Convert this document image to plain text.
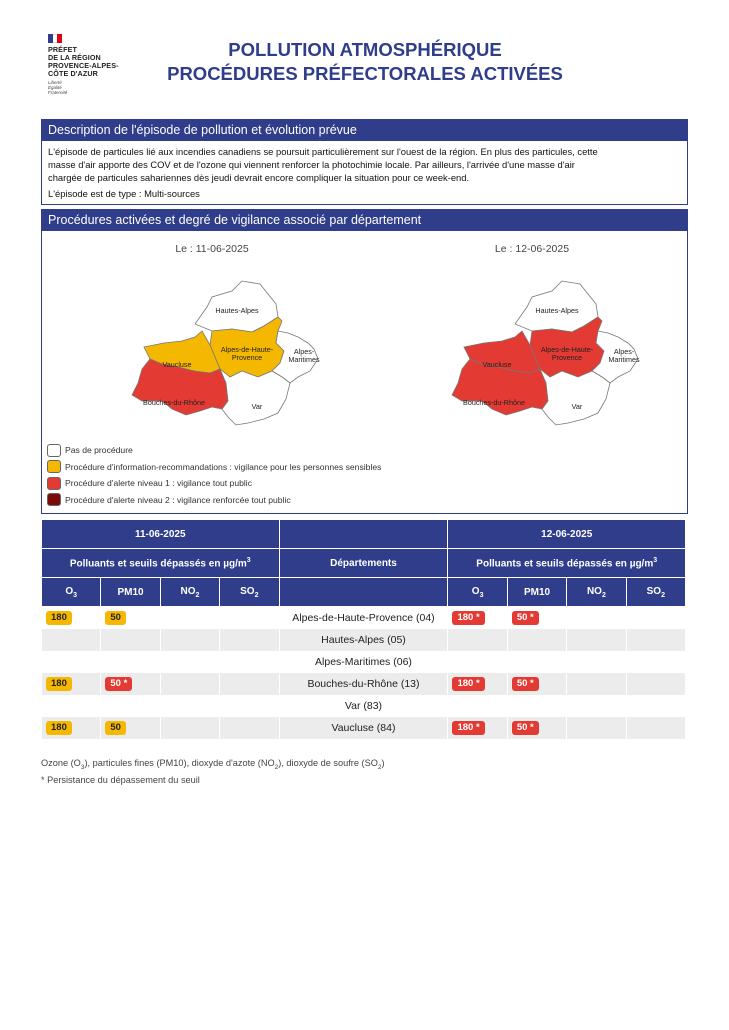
PRÉFET
DE LA RÉGION
PROVENCE-ALPES-
CÔTE D'AZUR
Liberté
Égalité
Fraternité
POLLUTION ATMOSPHÉRIQUE
PROCÉDURES PRÉFECTORALES ACTIVÉES
Description de l'épisode de pollution et évolution prévue

L'épisode de particules lié aux incendies canadiens se poursuit particulièrement sur l'ouest de la région. En plus des particules, cette

masse d'air apporte des COV et de l'ozone qui viennent renforcer la photochimie locale. Par ailleurs, l'arrivée d'une masse d'air

chargée de particules sahariennes dès jeudi devrait encore compliquer la situation pour ce week-end.

L'épisode est de type : Multi-sources

Procédures activées et degré de vigilance associé par département
Le : 11-06-2025
Hautes-Alpes
Alpes-de-Haute-
Provence
Alpes-
Maritimes
Vaucluse
Bouches-du-Rhône	Var
Le : 12-06-2025
Hautes-Alpes
Alpes-de-Haute-
Provence
Alpes-
Maritimes
Vaucluse
Bouches-du-Rhône	Var
Pas de procédure
Procédure d'information-recommandations : vigilance pour les personnes sensibles
Procédure d'alerte niveau 1 : vigilance tout public
Procédure d'alerte niveau 2 : vigilance renforcée tout public
11-06-2025					12-06-2025			
Polluants et seuils dépassés en $\mu g/m^3$				Départements	Polluants et seuils dépassés en $\mu g/m^3$
$O_3$	PM10	$NO_2$	$SO_2$		$O_3$	PM10	$NO_2$	$SO_2$
180	50			Alpes-de-Haute-Provence (04)	180 *	50 *		
				Hautes-Alpes (05)				
				Alpes-Maritimes (06)				
180	50 *			Bouches-du-Rhône (13)	180 *	50 *		
				Var (83)				
180	50			Vaucluse (84)	180 *	50 *		
Ozone $(O_3)$, particules fines (PM10), dioxyde d'azote $(NO_2)$, dioxyde de soufre $(SO_2)$
* Persistance du dépassement du seuil
